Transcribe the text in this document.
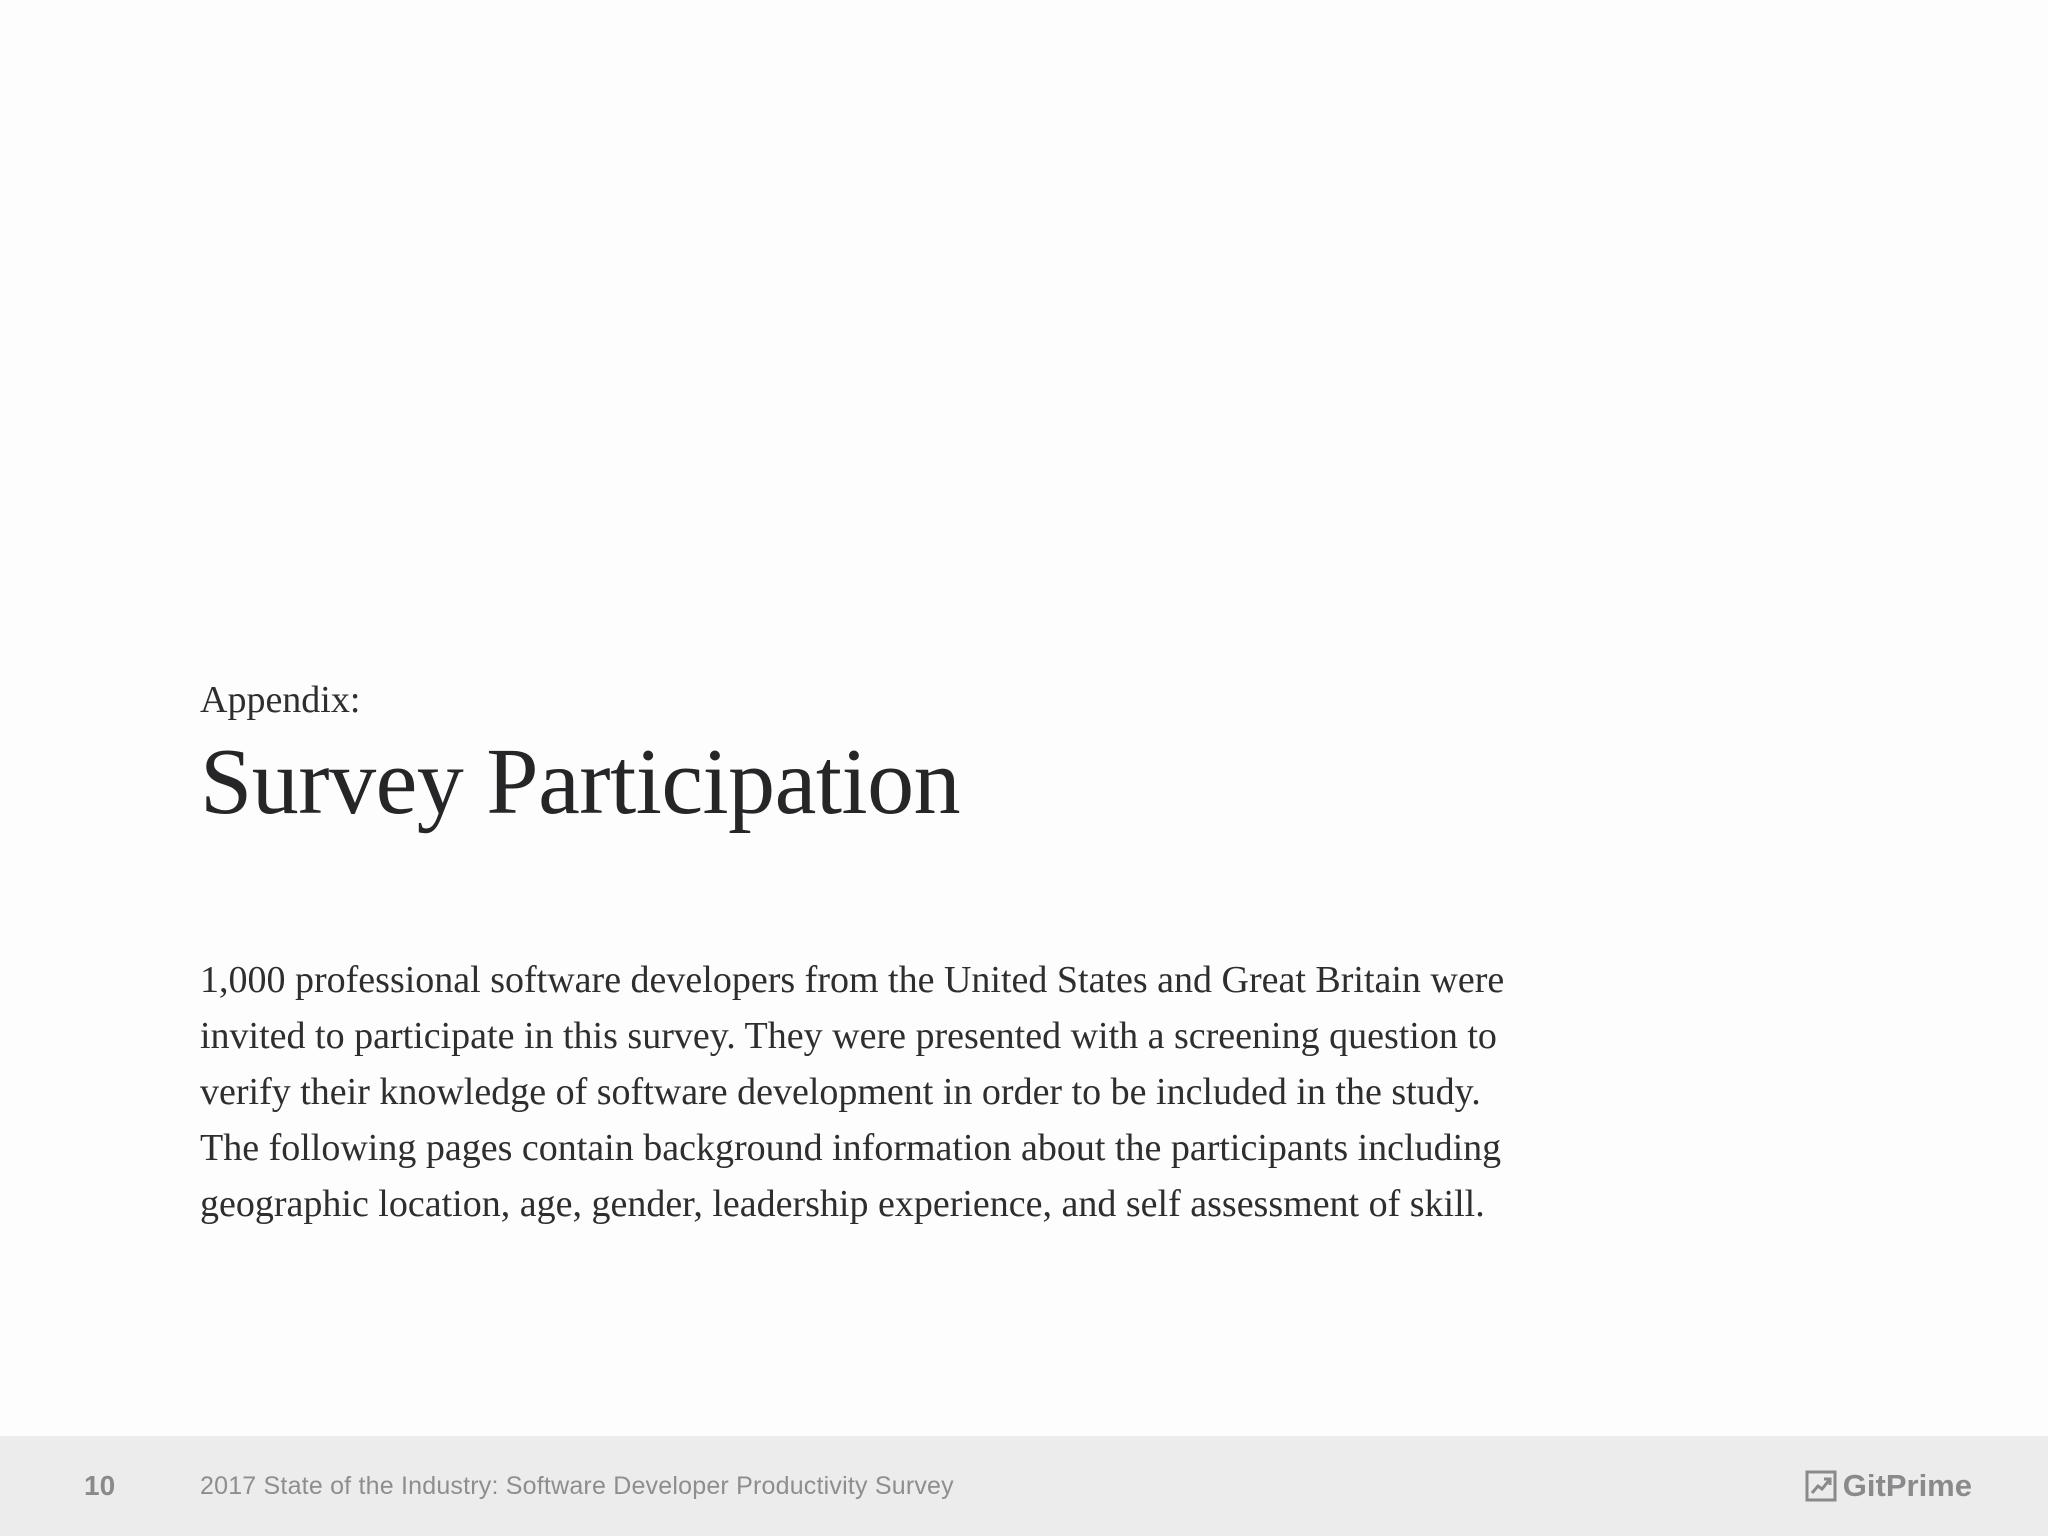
Appendix:

Survey Participation

1,000 professional software developers from the United States and Great Britain were invited to participate in this survey. They were presented with a screening question to verify their knowledge of software development in order to be included in the study. The following pages contain background information about the participants including geographic location, age, gender, leadership experience, and self assessment of skill.

10	2017 State of the Industry: Software Developer Productivity Survey	GitPrime
